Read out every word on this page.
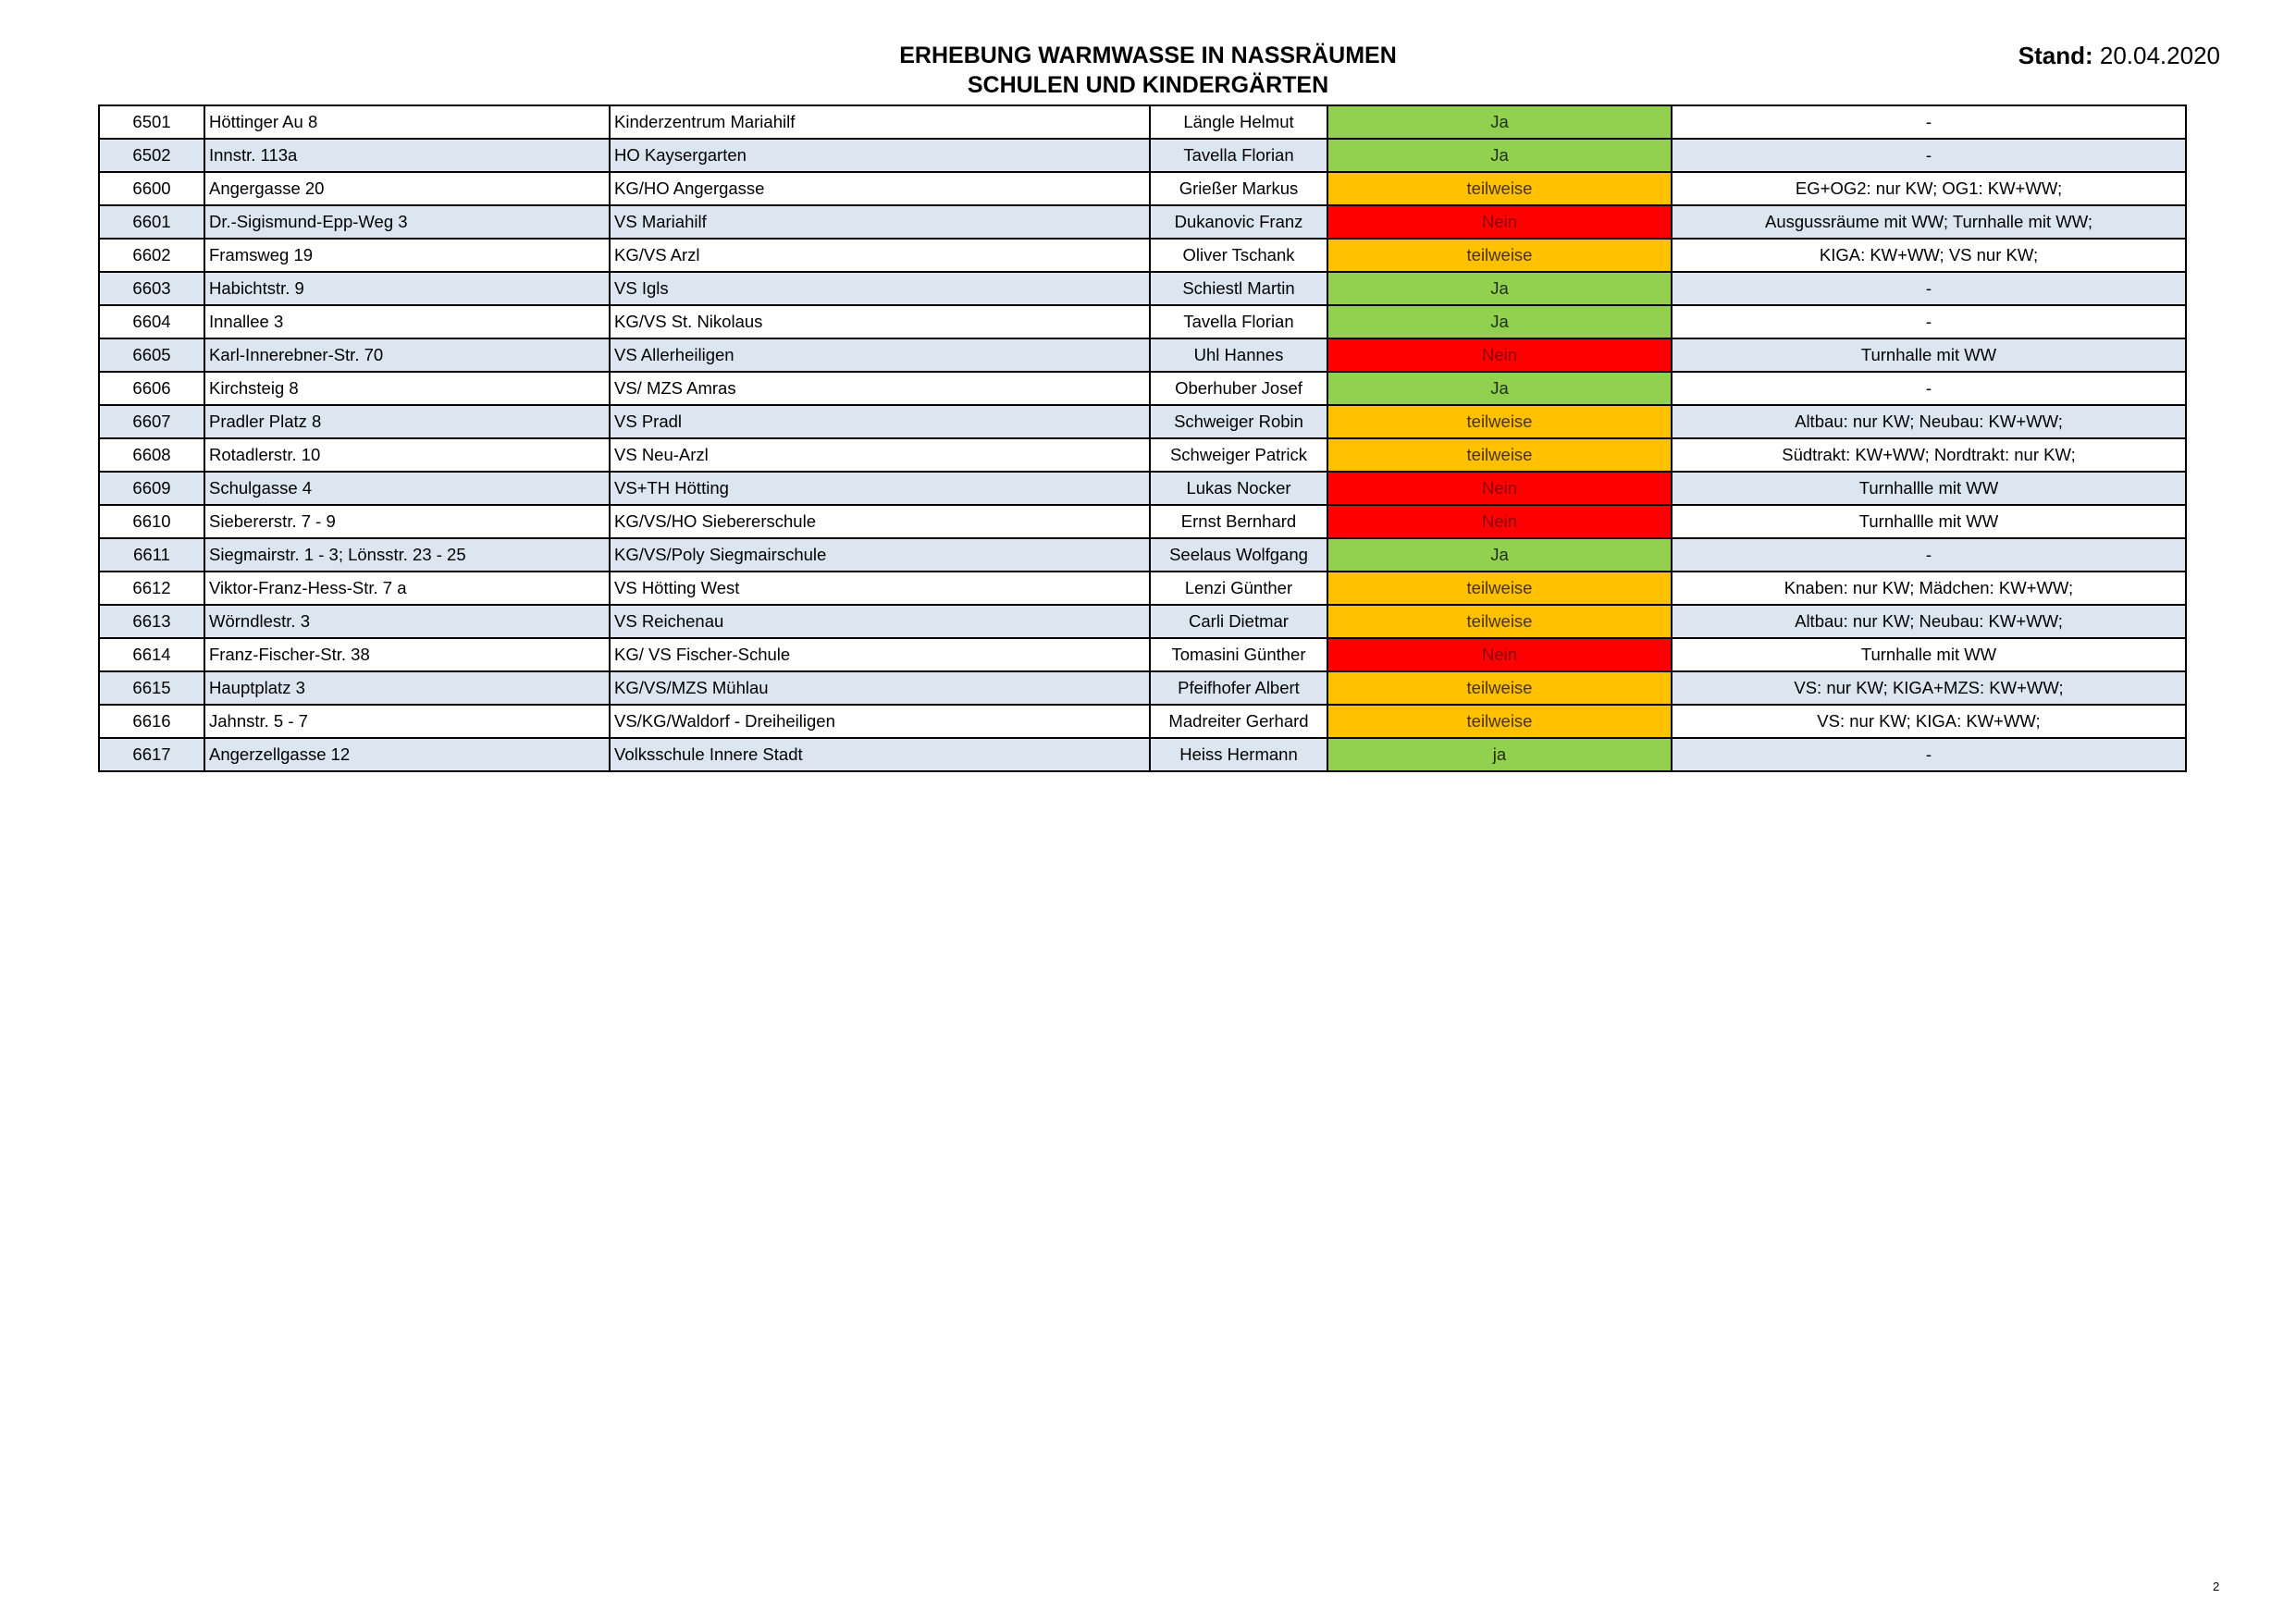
ERHEBUNG WARMWASSE IN NASSRÄUMEN
SCHULEN UND KINDERGÄRTEN
Stand: 20.04.2020
6501	Höttinger Au 8	Kinderzentrum Mariahilf	Längle Helmut	Ja	-
6502	Innstr. 113a	HO Kaysergarten	Tavella Florian	Ja	-
6600	Angergasse 20	KG/HO Angergasse	Grießer Markus	teilweise	EG+OG2: nur KW; OG1: KW+WW;
6601	Dr.-Sigismund-Epp-Weg 3	VS Mariahilf	Dukanovic Franz	Nein	Ausgussräume mit WW; Turnhalle mit WW;
6602	Framsweg 19	KG/VS Arzl	Oliver Tschank	teilweise	KIGA: KW+WW; VS nur KW;
6603	Habichtstr. 9	VS Igls	Schiestl Martin	Ja	-
6604	Innallee 3	KG/VS St. Nikolaus	Tavella Florian	Ja	-
6605	Karl-Innerebner-Str. 70	VS Allerheiligen	Uhl Hannes	Nein	Turnhalle mit WW
6606	Kirchsteig 8	VS/ MZS Amras	Oberhuber Josef	Ja	-
6607	Pradler Platz 8	VS Pradl	Schweiger Robin	teilweise	Altbau: nur KW; Neubau: KW+WW;
6608	Rotadlerstr. 10	VS Neu-Arzl	Schweiger Patrick	teilweise	Südtrakt: KW+WW; Nordtrakt: nur KW;
6609	Schulgasse 4	VS+TH Hötting	Lukas Nocker	Nein	Turnhallle mit WW
6610	Siebererstr. 7 - 9	KG/VS/HO Siebererschule	Ernst Bernhard	Nein	Turnhallle mit WW
6611	Siegmairstr. 1 - 3; Lönsstr. 23 - 25	KG/VS/Poly Siegmairschule	Seelaus Wolfgang	Ja	-
6612	Viktor-Franz-Hess-Str. 7 a	VS Hötting West	Lenzi Günther	teilweise	Knaben: nur KW; Mädchen: KW+WW;
6613	Wörndlestr. 3	VS Reichenau	Carli Dietmar	teilweise	Altbau: nur KW; Neubau: KW+WW;
6614	Franz-Fischer-Str. 38	KG/ VS Fischer-Schule	Tomasini Günther	Nein	Turnhalle mit WW
6615	Hauptplatz 3	KG/VS/MZS Mühlau	Pfeifhofer Albert	teilweise	VS: nur KW; KIGA+MZS: KW+WW;
6616	Jahnstr. 5 - 7	VS/KG/Waldorf - Dreiheiligen	Madreiter Gerhard	teilweise	VS: nur KW; KIGA: KW+WW;
6617	Angerzellgasse 12	Volksschule Innere Stadt	Heiss Hermann	ja	-
2
